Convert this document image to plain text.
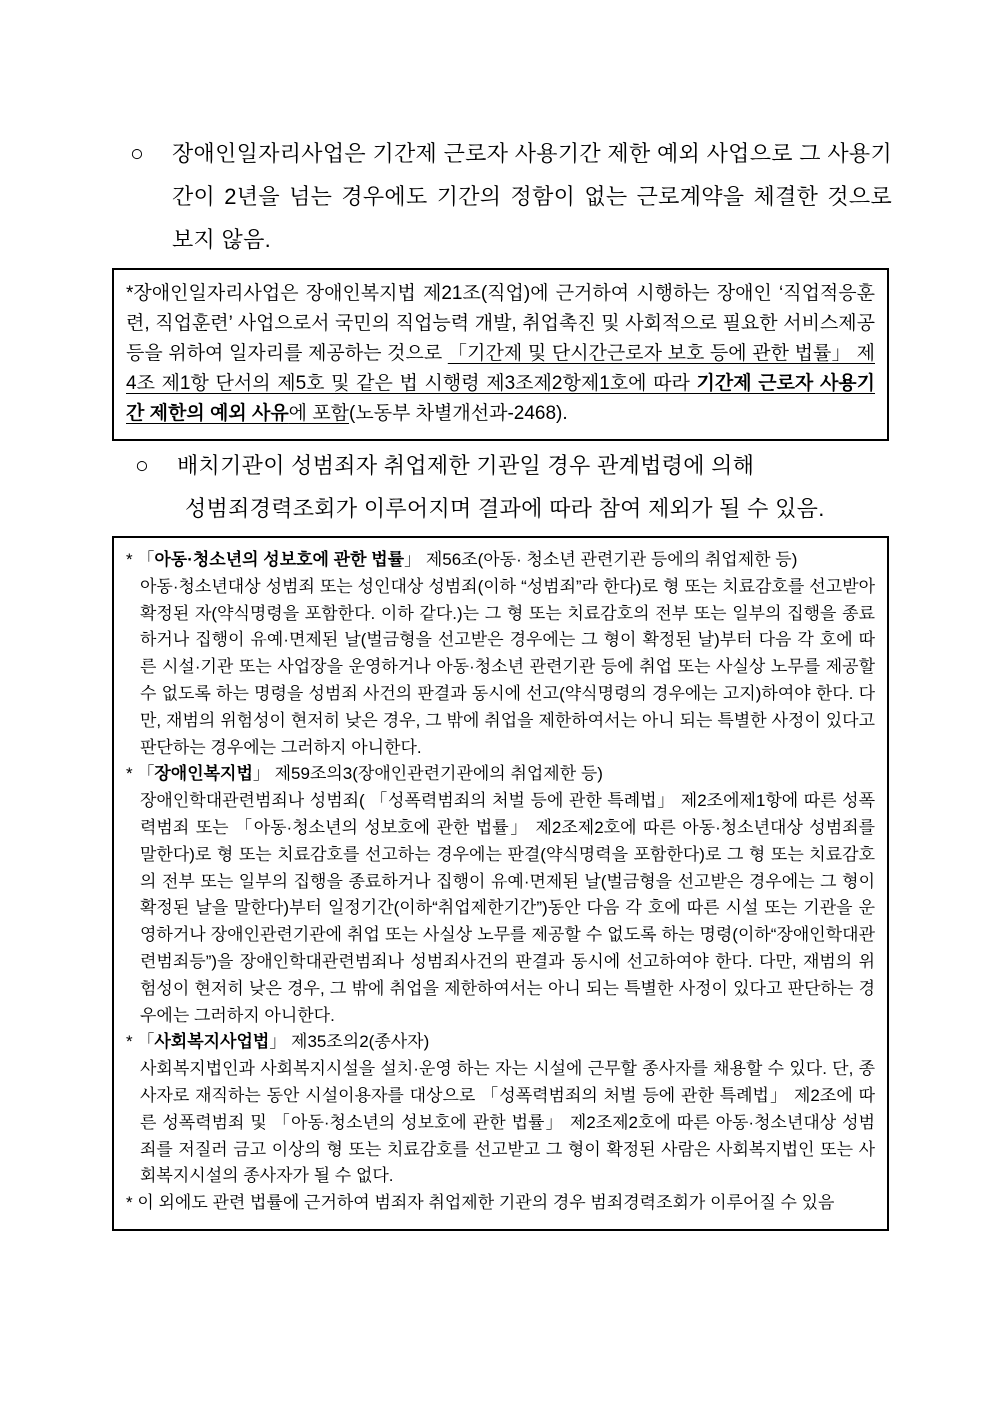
○	장애인일자리사업은 기간제 근로자 사용기간 제한 예외 사업으로 그 사용기간이 2년을 넘는 경우에도 기간의 정함이 없는 근로계약을 체결한 것으로 보지 않음.
*장애인일자리사업은 장애인복지법 제21조(직업)에 근거하여 시행하는 장애인 ‘직업적응훈련, 직업훈련’ 사업으로서 국민의 직업능력 개발, 취업촉진 및 사회적으로 필요한 서비스제공 등을 위하여 일자리를 제공하는 것으로 「기간제 및 단시간근로자 보호 등에 관한 법률」 제4조 제1항 단서의 제5호 및 같은 법 시행령 제3조제2항제1호에 따라 기간제 근로자 사용기간 제한의 예외 사유에 포함(노동부 차별개선과-2468).
○	배치기관이 성범죄자 취업제한 기관일 경우 관계법령에 의해
성범죄경력조회가 이루어지며 결과에 따라 참여 제외가 될 수 있음.
* 「아동·청소년의 성보호에 관한 법률」 제56조(아동· 청소년 관련기관 등에의 취업제한 등)
아동·청소년대상 성범죄 또는 성인대상 성범죄(이하 “성범죄”라 한다)로 형 또는 치료감호를 선고받아 확정된 자(약식명령을 포함한다. 이하 같다.)는 그 형 또는 치료감호의 전부 또는 일부의 집행을 종료하거나 집행이 유예·면제된 날(벌금형을 선고받은 경우에는 그 형이 확정된 날)부터 다음 각 호에 따른 시설·기관 또는 사업장을 운영하거나 아동·청소년 관련기관 등에 취업 또는 사실상 노무를 제공할 수 없도록 하는 명령을 성범죄 사건의 판결과 동시에 선고(약식명령의 경우에는 고지)하여야 한다. 다만, 재범의 위험성이 현저히 낮은 경우, 그 밖에 취업을 제한하여서는 아니 되는 특별한 사정이 있다고 판단하는 경우에는 그러하지 아니한다.
* 「장애인복지법」 제59조의3(장애인관련기관에의 취업제한 등)
장애인학대관련범죄나 성범죄( 「성폭력범죄의 처벌 등에 관한 특례법」 제2조에제1항에 따른 성폭력범죄 또는 「아동·청소년의 성보호에 관한 법률」 제2조제2호에 따른 아동·청소년대상 성범죄를 말한다)로 형 또는 치료감호를 선고하는 경우에는 판결(약식명력을 포함한다)로 그 형 또는 치료감호의 전부 또는 일부의 집행을 종료하거나 집행이 유예·면제된 날(벌금형을 선고받은 경우에는 그 형이 확정된 날을 말한다)부터 일정기간(이하“취업제한기간”)동안 다음 각 호에 따른 시설 또는 기관을 운영하거나 장애인관련기관에 취업 또는 사실상 노무를 제공할 수 없도록 하는 명령(이하“장애인학대관련범죄등”)을 장애인학대관련범죄나 성범죄사건의 판결과 동시에 선고하여야 한다. 다만, 재범의 위험성이 현저히 낮은 경우, 그 밖에 취업을 제한하여서는 아니 되는 특별한 사정이 있다고 판단하는 경우에는 그러하지 아니한다.
* 「사회복지사업법」 제35조의2(종사자)
사회복지법인과 사회복지시설을 설치·운영 하는 자는 시설에 근무할 종사자를 채용할 수 있다. 단, 종사자로 재직하는 동안 시설이용자를 대상으로 「성폭력범죄의 처벌 등에 관한 특례법」 제2조에 따른 성폭력범죄 및 「아동·청소년의 성보호에 관한 법률」 제2조제2호에 따른 아동·청소년대상 성범죄를 저질러 금고 이상의 형 또는 치료감호를 선고받고 그 형이 확정된 사람은 사회복지법인 또는 사회복지시설의 종사자가 될 수 없다.
* 이 외에도 관련 법률에 근거하여 범죄자 취업제한 기관의 경우 범죄경력조회가 이루어질 수 있음
